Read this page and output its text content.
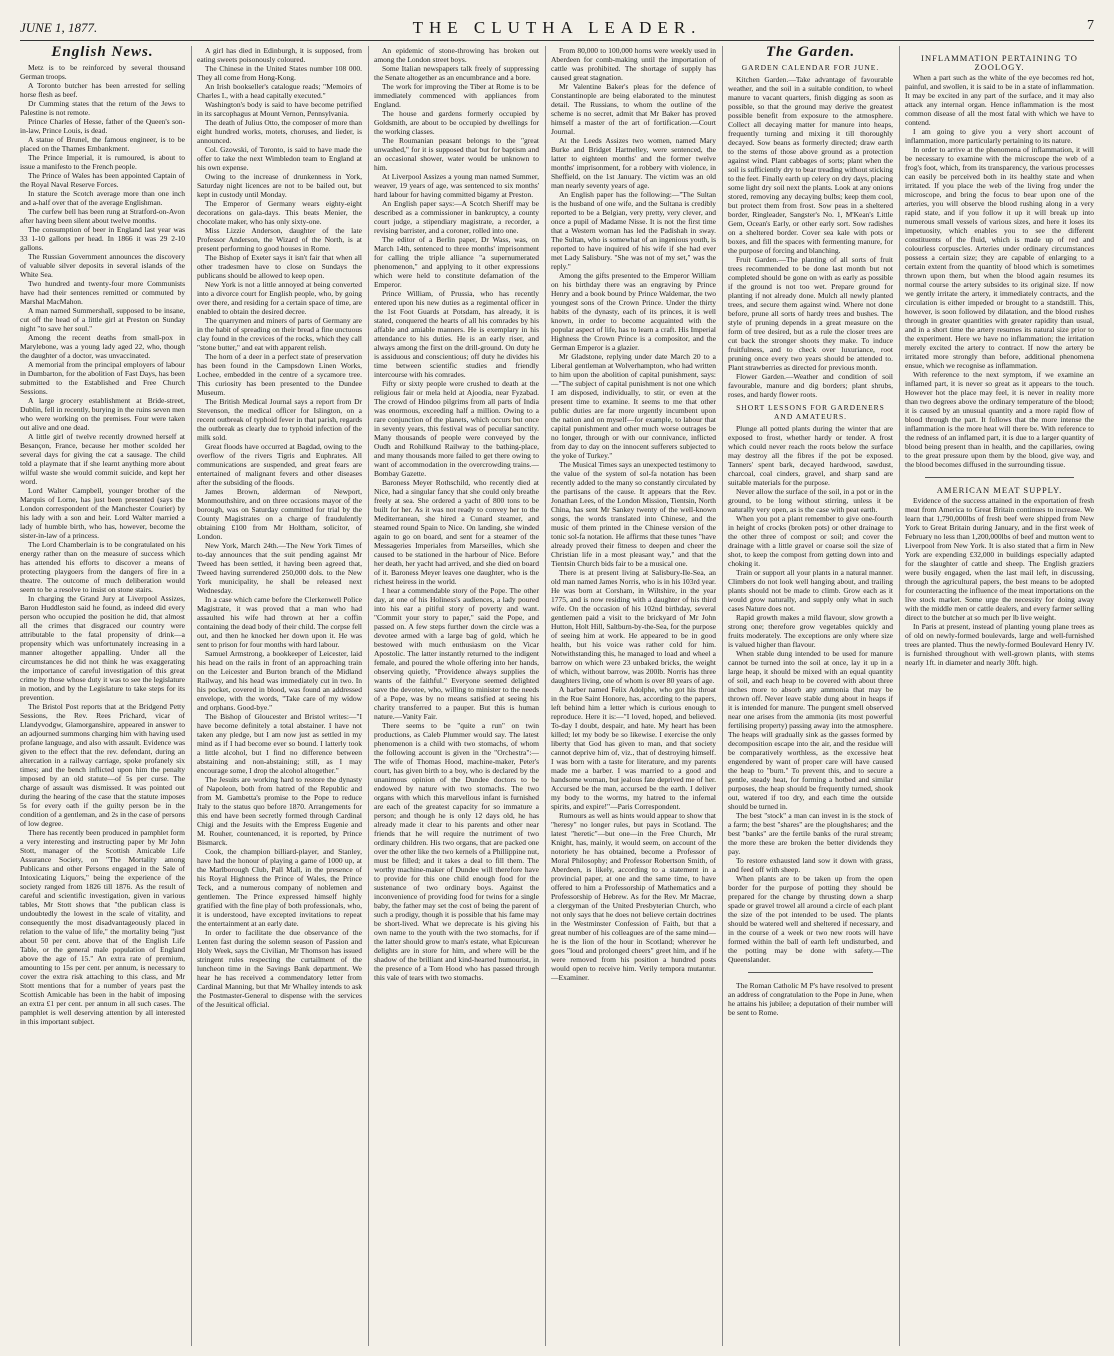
JUNE 1, 1877.	THE CLUTHA LEADER.	7
English News.

Metz is to be reinforced by several thousand German troops.

A Toronto butcher has been arrested for selling horse flesh as beef.

Dr Cumming states that the return of the Jews to Palestine is not remote.

Prince Charles of Hesse, father of the Queen's son-in-law, Prince Louis, is dead.

A statue of Brunel, the famous engineer, is to be placed on the Thames Embankment.

The Prince Imperial, it is rumoured, is about to issue a manifesto to the French people.

The Prince of Wales has been appointed Captain of the Royal Naval Reserve Forces.

In stature the Scotch average more than one inch and a-half over that of the average Englishman.

The curfew bell has been rung at Stratford-on-Avon after having been silent about twelve months.

The consumption of beer in England last year was 33 1-10 gallons per head. In 1866 it was 29 2-10 gallons.

The Russian Government announces the discovery of valuable silver deposits in several islands of the White Sea.

Two hundred and twenty-four more Communists have had their sentences remitted or commuted by Marshal MacMahon.

A man named Summershall, supposed to be insane, cut off the head of a little girl at Preston on Sunday night "to save her soul."

Among the recent deaths from small-pox in Marylebone, was a young lady aged 22, who, though the daughter of a doctor, was unvaccinated.

A memorial from the principal employers of labour in Dumbarton, for the abolition of Fast Days, has been submitted to the Established and Free Church Sessions.

A large grocery establishment at Bride-street, Dublin, fell in recently, burying in the ruins seven men who were working on the premises. Four were taken out alive and one dead.

A little girl of twelve recently drowned herself at Besançon, France, because her mother scolded her several days for giving the cat a sausage. The child told a playmate that if she learnt anything more about wilful waste she would commit suicide, and kept her word.

Lord Walter Campbell, younger brother of the Marquis of Lorne, has just been presented (says the London correspondent of the Manchester Courier) by his lady with a son and heir. Lord Walter married a lady of humble birth, who has, however, become the sister-in-law of a princess.

The Lord Chamberlain is to be congratulated on his energy rather than on the measure of success which has attended his efforts to discover a means of protecting playgoers from the dangers of fire in a theatre. The outcome of much deliberation would seem to be a resolve to insist on stone stairs.

In charging the Grand Jury at Liverpool Assizes, Baron Huddleston said he found, as indeed did every person who occupied the position he did, that almost all the crimes that disgraced our country were attributable to the fatal propensity of drink—a propensity which was unfortunately increasing in a manner altogether appalling. Under all the circumstances he did not think he was exaggerating the importance of careful investigation of this great crime by those whose duty it was to see the legislature in motion, and by the Legislature to take steps for its prevention.

The Bristol Post reports that at the Bridgend Petty Sessions, the Rev. Rees Prichard, vicar of Llandyvodgw, Glamorganshire, appeared in answer to an adjourned summons charging him with having used profane language, and also with assault. Evidence was given to the effect that the rev. defendant, during an altercation in a railway carriage, spoke profanely six times; and the bench inflicted upon him the penalty imposed by an old statute—of 5s per curse. The charge of assault was dismissed. It was pointed out during the hearing of the case that the statute imposes 5s for every oath if the guilty person be in the condition of a gentleman, and 2s in the case of persons of low degree.

There has recently been produced in pamphlet form a very interesting and instructing paper by Mr John Stott, manager of the Scottish Amicable Life Assurance Society, on "The Mortality among Publicans and other Persons engaged in the Sale of Intoxicating Liquors," being the experience of the society ranged from 1826 till 1876. As the result of careful and scientific investigation, given in various tables, Mr Stott shows that "the publican class is undoubtedly the lowest in the scale of vitality, and consequently the most disadvantageously placed in relation to the value of life," the mortality being "just about 50 per cent. above that of the English Life Table, or the general male population of England above the age of 15." An extra rate of premium, amounting to 15s per cent. per annum, is necessary to cover the extra risk attaching to this class, and Mr Stott mentions that for a number of years past the Scottish Amicable has been in the habit of imposing an extra £1 per cent. per annum in all such cases. The pamphlet is well deserving attention by all interested in this important subject.

A girl has died in Edinburgh, it is supposed, from eating sweets poisonously coloured.

The Chinese in the United States number 108 000. They all come from Hong-Kong.

An Irish bookseller's catalogue reads; "Memoirs of Charles I., with a head capitally executed."

Washington's body is said to have become petrified in its sarcophagus at Mount Vernon, Pennsylvania.

The death of Julius Otto, the composer of more than eight hundred works, motets, choruses, and lieder, is announced.

Col. Gzowski, of Toronto, is said to have made the offer to take the next Wimbledon team to England at his own expense.

Owing to the increase of drunkenness in York, Saturday night licences are not to be bailed out, but kept in custody until Monday.

The Emperor of Germany wears eighty-eight decorations on gala-days. This beats Menier, the chocolate maker, who has only sixty-one.

Miss Lizzie Anderson, daughter of the late Professor Anderson, the Wizard of the North, is at present performing to good houses in Rome.

The Bishop of Exeter says it isn't fair that when all other tradesmen have to close on Sundays the publicans should be allowed to keep open.

New York is not a little annoyed at being converted into a divorce court for English people, who, by going over there, and residing for a certain space of time, are enabled to obtain the desired decree.

The quarrymen and miners of parts of Germany are in the habit of spreading on their bread a fine unctuous clay found in the crevices of the rocks, which they call "stone butter," and eat with apparent relish.

The horn of a deer in a perfect state of preservation has been found in the Campsdown Linen Works, Lochee, embedded in the centre of a sycamore tree. This curiosity has been presented to the Dundee Museum.

The British Medical Journal says a report from Dr Stevenson, the medical officer for Islington, on a recent outbreak of typhoid fever in that parish, regards the outbreak as clearly due to typhoid infection of the milk sold.

Great floods have occurred at Bagdad, owing to the overflow of the rivers Tigris and Euphrates. All communications are suspended, and great fears are entertained of malignant fevers and other diseases after the subsiding of the floods.

James Brown, alderman of Newport, Monmouthshire, and on three occasions mayor of the borough, was on Saturday committed for trial by the County Magistrates on a charge of fraudulently obtaining £100 from Mr Holtham, solicitor, of London.

New York, March 24th.—The New York Times of to-day announces that the suit pending against Mr Tweed has been settled, it having been agreed that, Tweed having surrendered 250,000 dols. to the New York municipality, he shall be released next Wednesday.

In a case which came before the Clerkenwell Police Magistrate, it was proved that a man who had assaulted his wife had thrown at her a coffin containing the dead body of their child. The corpse fell out, and then he knocked her down upon it. He was sent to prison for four months with hard labour.

Samuel Armstrong, a bookkeeper of Leicester, laid his head on the rails in front of an approaching train on the Leicester and Burton branch of the Midland Railway, and his head was immediately cut in two. In his pocket, covered in blood, was found an addressed envelope, with the words, "Take care of my widow and orphans. Good-bye."

The Bishop of Gloucester and Bristol writes:—"I have become definitely a total abstainer. I have not taken any pledge, but I am now just as settled in my mind as if I had become ever so bound. I latterly took a little alcohol, but I find no difference between abstaining and non-abstaining; still, as I may encourage some, I drop the alcohol altogether."

The Jesuits are working hard to restore the dynasty of Napoleon, both from hatred of the Republic and from M. Gambetta's promise to the Pope to reduce Italy to the status quo before 1870. Arrangements for this end have been secretly formed through Cardinal Chigi and the Jesuits with the Empress Eugenie and M. Rouher, countenanced, it is reported, by Prince Bismarck.

Cook, the champion billiard-player, and Stanley, have had the honour of playing a game of 1000 up, at the Marlborough Club, Pall Mall, in the presence of his Royal Highness the Prince of Wales, the Prince Teck, and a numerous company of noblemen and gentlemen. The Prince expressed himself highly gratified with the fine play of both professionals, who, it is understood, have excepted invitations to repeat the entertainment at an early date.

In order to facilitate the due observance of the Lenten fast during the solemn season of Passion and Holy Week, says the Civilian, Mr Thomson has issued stringent rules respecting the curtailment of the luncheon time in the Savings Bank department. We hear he has received a commendatory letter from Cardinal Manning, but that Mr Whalley intends to ask the Postmaster-General to dispense with the services of the Jesuitical official.

An epidemic of stone-throwing has broken out among the London street boys.

Some Italian newspapers talk freely of suppressing the Senate altogether as an encumbrance and a bore.

The work for improving the Tiber at Rome is to be immediately commenced with appliances from England.

The house and gardens formerly occupied by Goldsmith, are about to be occupied by dwellings for the working classes.

The Roumanian peasant belongs to the "great unwashed," for it is supposed that but for baptism and an occasional shower, water would be unknown to him.

At Liverpool Assizes a young man named Summer, weaver, 19 years of age, was sentenced to six months' hard labour for having committed bigamy at Preston.

An English paper says:—A Scotch Sheriff may be described as a commissioner in bankruptcy, a county court judge, a stipendiary magistrate, a recorder, a revising barrister, and a coroner, rolled into one.

The editor of a Berlin paper, Dr Wass, was, on March 14th, sentenced to three months' imprisonment for calling the triple alliance "a supernumerated phenomenon," and applying to it other expressions which were held to constitute defamation of the Emperor.

Prince William, of Prussia, who has recently entered upon his new duties as a regimental officer in the 1st Foot Guards at Potsdam, has already, it is stated, conquered the hearts of all his comrades by his affable and amiable manners. He is exemplary in his attendance to his duties. He is an early riser, and always among the first on the drill-ground. On duty he is assiduous and conscientious; off duty he divides his time between scientific studies and friendly intercourse with his comrades.

Fifty or sixty people were crushed to death at the religious fair or mela held at Ajoodia, near Fyzabad. The crowd of Hindoo pilgrims from all parts of India was enormous, exceeding half a million. Owing to a rare conjunction of the planets, which occurs but once in seventy years, this festival was of peculiar sanctity. Many thousands of people were conveyed by the Oudh and Rohilkund Railway to the bathing-place, and many thousands more failed to get there owing to want of accommodation in the overcrowding trains.—Bombay Gazette.

Baroness Meyer Rothschild, who recently died at Nice, had a singular fancy that she could only breathe freely at sea. She ordered a yacht of 800 tons to be built for her. As it was not ready to convey her to the Mediterranean, she hired a Cunard steamer, and steamed round Spain to Nice. On landing, she winded again to go on board, and sent for a steamer of the Messageries Imperiales from Marseilles, which she caused to be stationed in the harbour of Nice. Before her death, her yacht had arrived, and she died on board of it. Baroness Meyer leaves one daughter, who is the richest heiress in the world.

I hear a commendable story of the Pope. The other day, at one of his Holiness's audiences, a lady poured into his ear a pitiful story of poverty and want. "Commit your story to paper," said the Pope, and passed on. A few steps further down the circle was a devotee armed with a large bag of gold, which he bestowed with much enthusiasm on the Vicar Apostolic. The latter instantly returned to the indigent female, and poured the whole offering into her hands, observing quietly, "Providence always supplies the wants of the faithful." Everyone seemed delighted save the devotee, who, willing to minister to the needs of a Pope, was by no means satisfied at seeing his charity transferred to a pauper. But this is human nature.—Vanity Fair.

There seems to be "quite a run" on twin productions, as Caleb Plummer would say. The latest phenomenon is a child with two stomachs, of whom the following account is given in the "Orchestra":—The wife of Thomas Hood, machine-maker, Peter's court, has given birth to a boy, who is declared by the unanimous opinion of the Dundee doctors to be endowed by nature with two stomachs. The two organs with which this marvellous infant is furnished are each of the greatest capacity for so immature a person; and though he is only 12 days old, he has already made it clear to his parents and other near friends that he will require the nutriment of two ordinary children. His two organs, that are packed one over the other like the two kernels of a Phillippine nut, must be filled; and it takes a deal to fill them. The worthy machine-maker of Dundee will therefore have to provide for this one child enough food for the sustenance of two ordinary boys. Against the inconvenience of providing food for twins for a single baby, the father may set the cost of being the parent of such a prodigy, though it is possible that his fame may be short-lived. What we deprecate is his giving his own name to the youth with the two stomachs, for if the latter should grow to man's estate, what Epicurean delights are in store for him, and where will be the shadow of the brilliant and kind-hearted humourist, in the presence of a Tom Hood who has passed through this vale of tears with two stomachs.

From 80,000 to 100,000 horns were weekly used in Aberdeen for comb-making until the importation of cattle was prohibited. The shortage of supply has caused great stagnation.

Mr Valentine Baker's pleas for the defence of Constantinople are being elaborated to the minutest detail. The Russians, to whom the outline of the scheme is no secret, admit that Mr Baker has proved himself a master of the art of fortification.—Court Journal.

At the Leeds Assizes two women, named Mary Burke and Bridget Hartnelley, were sentenced, the latter to eighteen months' and the former twelve months' imprisonment, for a robbery with violence, in Sheffield, on the 1st January. The victim was an old man nearly seventy years of age.

An English paper has the following:—"The Sultan is the husband of one wife, and the Sultana is credibly reported to be a Belgian, very pretty, very clever, and once a pupil of Madame Nisse. It is not the first time that a Western woman has led the Padishah in sway. The Sultan, who is somewhat of an ingenious youth, is reported to have inquired of his wife if she had ever met Lady Salisbury. "She was not of my set," was the reply."

Among the gifts presented to the Emperor William on his birthday there was an engraving by Prince Henry and a book bound by Prince Waldemar, the two youngest sons of the Crown Prince. Under the thirty habits of the dynasty, each of its princes, it is well known, in order to become acquainted with the popular aspect of life, has to learn a craft. His Imperial Highness the Crown Prince is a compositor, and the German Emperor is a glazier.

Mr Gladstone, replying under date March 20 to a Liberal gentleman at Wolverhampton, who had written to him upon the abolition of capital punishment, says:—"The subject of capital punishment is not one which I am disposed, individually, to stir, or even at the present time to examine. It seems to me that other public duties are far more urgently incumbent upon the nation and on myself—for example, to labour that capital punishment and other much worse outrages be no longer, through or with our connivance, inflicted from day to day on the innocent sufferers subjected to the yoke of Turkey."

The Musical Times says an unexpected testimony to the value of the system of sol-fa notation has been recently added to the many so constantly circulated by the partisans of the cause. It appears that the Rev. Jonathan Lees, of the London Mission, Tientsin, North China, has sent Mr Sankey twenty of the well-known songs, the words translated into Chinese, and the music of them printed in the Chinese version of the tonic sol-fa notation. He affirms that these tunes "have already proved their fitness to deepen and cheer the Christian life in a most pleasant way," and that the Tientsin Church bids fair to be a musical one.

There is at present living at Salisbury-Ile-Sea, an old man named James Norris, who is in his 103rd year. He was born at Corsham, in Wiltshire, in the year 1775, and is now residing with a daughter of his third wife. On the occasion of his 102nd birthday, several gentlemen paid a visit to the brickyard of Mr John Hutton, Holt Hill, Saltburn-by-the-Sea, for the purpose of seeing him at work. He appeared to be in good health, but his voice was rather cold for him. Notwithstanding this, he managed to load and wheel a barrow on which were 23 unbaked bricks, the weight of which, without barrow, was 200lb. Norris has three daughters living, one of whom is over 80 years of age.

A barber named Felix Adolphe, who got his throat in the Rue Saint Honore, has, according to the papers, left behind him a letter which is curious enough to reproduce. Here it is:—"I loved, hoped, and believed. To-day I doubt, despair, and hate. My heart has been killed; let my body be so likewise. I exercise the only liberty that God has given to man, and that society cannot deprive him of, viz., that of destroying himself. I was born with a taste for literature, and my parents made me a barber. I was married to a good and handsome woman, but jealous fate deprived me of her. Accursed be the man, accursed be the earth. I deliver my body to the worms, my hatred to the infernal spirits, and expire!"—Paris Correspondent.

Rumours as well as hints would appear to show that "heresy" no longer rules, but pays in Scotland. The latest "heretic"—but one—in the Free Church, Mr Knight, has, mainly, it would seem, on account of the notoriety he has obtained, become a Professor of Moral Philosophy; and Professor Robertson Smith, of Aberdeen, is likely, according to a statement in a provincial paper, at one and the same time, to have offered to him a Professorship of Mathematics and a Professorship of Hebrew. As for the Rev. Mr Macrae, a clergyman of the United Presbyterian Church, who not only says that he does not believe certain doctrines in the Westminster Confession of Faith, but that a great number of his colleagues are of the same mind—he is the lion of the hour in Scotland; wherever he goes "loud and prolonged cheers" greet him, and if he were removed from his position a hundred posts would open to receive him. Verily tempora mutantur.—Examiner.

The Garden.
GARDEN CALENDAR FOR JUNE.

Kitchen Garden.—Take advantage of favourable weather, and the soil in a suitable condition, to wheel manure to vacant quarters, finish digging as soon as possible, so that the ground may derive the greatest possible benefit from exposure to the atmosphere. Collect all decaying matter for manure into heaps, frequently turning and mixing it till thoroughly decayed. Sow beans as formerly directed; draw earth to the stems of those above ground as a protection against wind. Plant cabbages of sorts; plant when the soil is sufficiently dry to bear treading without sticking to the feet. Finally earth up celery on dry days, placing some light dry soil next the plants. Look at any onions stored, removing any decaying bulbs; keep them cool, but protect them from frost. Sow peas in a sheltered border, Ringleader, Sangster's No. 1, M'Kean's Little Gem, Ocean's Early, or other early sort. Sow radishes on a sheltered border. Cover sea kale with pots or boxes, and fill the spaces with fermenting manure, for the purpose of forcing and blanching.

Fruit Garden.—The planting of all sorts of fruit trees recommended to be done last month but not completed should be gone on with as early as possible if the ground is not too wet. Prepare ground for planting if not already done. Mulch all newly planted trees, and secure them against wind. Where not done before, prune all sorts of hardy trees and bushes. The style of pruning depends in a great measure on the form of tree desired, but as a rule the closer trees are cut back the stronger shoots they make. To induce fruitfulness, and to check over luxuriance, root pruning once every two years should be attended to. Plant strawberries as directed for previous month.

Flower Garden.—Weather and condition of soil favourable, manure and dig borders; plant shrubs, roses, and hardy flower roots.

SHORT LESSONS FOR GARDENERS AND AMATEURS.

Plunge all potted plants during the winter that are exposed to frost, whether hardy or tender. A frost which could never reach the roots below the surface may destroy all the fibres if the pot be exposed. Tanners' spent bark, decayed hardwood, sawdust, charcoal, coal cinders, gravel, and sharp sand are suitable materials for the purpose.

Never allow the surface of the soil, in a pot or in the ground, to be long without stirring, unless it be naturally very open, as is the case with peat earth.

When you pot a plant remember to give one-fourth in height of crocks (broken pots) or other drainage to the other three of compost or soil; and cover the drainage with a little gravel or coarse soil the size of shot, to keep the compost from getting down into and choking it.

Train or support all your plants in a natural manner. Climbers do not look well hanging about, and trailing plants should not be made to climb. Grow each as it would grow naturally, and supply only what in such cases Nature does not.

Rapid growth makes a mild flavour, slow growth a strong one; therefore grow vegetables quickly and fruits moderately. The exceptions are only where size is valued higher than flavour.

When stable dung intended to be used for manure cannot be turned into the soil at once, lay it up in a large heap, it should be mixed with an equal quantity of soil, and each heap to be covered with about three inches more to absorb any ammonia that may be thrown off. Never leave stable dung about in heaps if it is intended for manure. The pungent smell observed near one arises from the ammonia (its most powerful fertilising property) passing away into the atmosphere. The heaps will gradually sink as the gasses formed by decomposition escape into the air, and the residue will be comparatively worthless, as the excessive heat engendered by want of proper care will have caused the heap to "burn." To prevent this, and to secure a gentle, steady heat, for forming a hotbed and similar purposes, the heap should be frequently turned, shook out, watered if too dry, and each time the outside should be turned in.

The best "stock" a man can invest in is the stock of a farm; the best "shares" are the ploughshares; and the best "banks" are the fertile banks of the rural stream; the more these are broken the better dividends they pay.

To restore exhausted land sow it down with grass, and feed off with sheep.

When plants are to be taken up from the open border for the purpose of potting they should be prepared for the change by thrusting down a sharp spade or gravel trowel all around a circle of each plant the size of the pot intended to be used. The plants should be watered well and sheltered if necessary, and in the course of a week or two new roots will have formed within the ball of earth left undisturbed, and the potting may be done with safety.—The Queenslander.

The Roman Catholic M P's have resolved to present an address of congratulation to the Pope in June, when he attains his jubilee; a deputation of their number will be sent to Rome.

INFLAMMATION PERTAINING TO ZOOLOGY.

When a part such as the white of the eye becomes red hot, painful, and swollen, it is said to be in a state of inflammation. It may be excited in any part of the surface, and it may also attack any internal organ. Hence inflammation is the most common disease of all the most fatal with which we have to contend.

I am going to give you a very short account of inflammation, more particularly pertaining to its nature.

In order to arrive at the phenomena of inflammation, it will be necessary to examine with the microscope the web of a frog's foot, which, from its transparency, the various processes can easily be perceived both in its healthy state and when irritated. If you place the web of the living frog under the microscope, and bring the focus to bear upon one of the arteries, you will observe the blood rushing along in a very rapid state, and if you follow it up it will break up into numerous small vessels of various sizes, and here it loses its impetuosity, which enables you to see the different constituents of the fluid, which is made up of red and colourless corpuscles. Arteries under ordinary circumstances possess a certain size; they are capable of enlarging to a certain extent from the quantity of blood which is sometimes thrown upon them, but when the blood again resumes its normal course the artery subsides to its original size. If now we gently irritate the artery, it immediately contracts, and the circulation is either impeded or brought to a standstill. This, however, is soon followed by dilatation, and the blood rushes through in greater quantities with greater rapidity than usual, and in a short time the artery resumes its natural size prior to the experiment. Here we have no inflammation; the irritation merely excited the artery to contract. If now the artery be irritated more strongly than before, additional phenomena ensue, which we recognise as inflammation.

With reference to the next symptom, if we examine an inflamed part, it is never so great as it appears to the touch. However hot the place may feel, it is never in reality more than two degrees above the ordinary temperature of the blood; it is caused by an unusual quantity and a more rapid flow of blood through the part. It follows that the more intense the inflammation is the more heat will there be. With reference to the redness of an inflamed part, it is due to a larger quantity of blood being present than in health, and the capillaries, owing to the great pressure upon them by the blood, give way, and the blood becomes diffused in the surrounding tissue.

AMERICAN MEAT SUPPLY.

Evidence of the success attained in the exportation of fresh meat from America to Great Britain continues to increase. We learn that 1,790,000lbs of fresh beef were shipped from New York to Great Britain during January, and in the first week of February no less than 1,200,000lbs of beef and mutton went to Liverpool from New York. It is also stated that a firm in New York are expending £32,000 in buildings especially adapted for the slaughter of cattle and sheep. The English graziers were busily engaged, when the last mail left, in discussing, through the agricultural papers, the best means to be adopted for counteracting the influence of the meat importations on the live stock market. Some urge the necessity for doing away with the middle men or cattle dealers, and every farmer selling direct to the butcher at so much per lb live weight.

In Paris at present, instead of planting young plane trees as of old on newly-formed boulevards, large and well-furnished trees are planted. Thus the newly-formed Boulevard Henry IV. is furnished throughout with well-grown plants, with stems nearly 1ft. in diameter and nearly 30ft. high.
